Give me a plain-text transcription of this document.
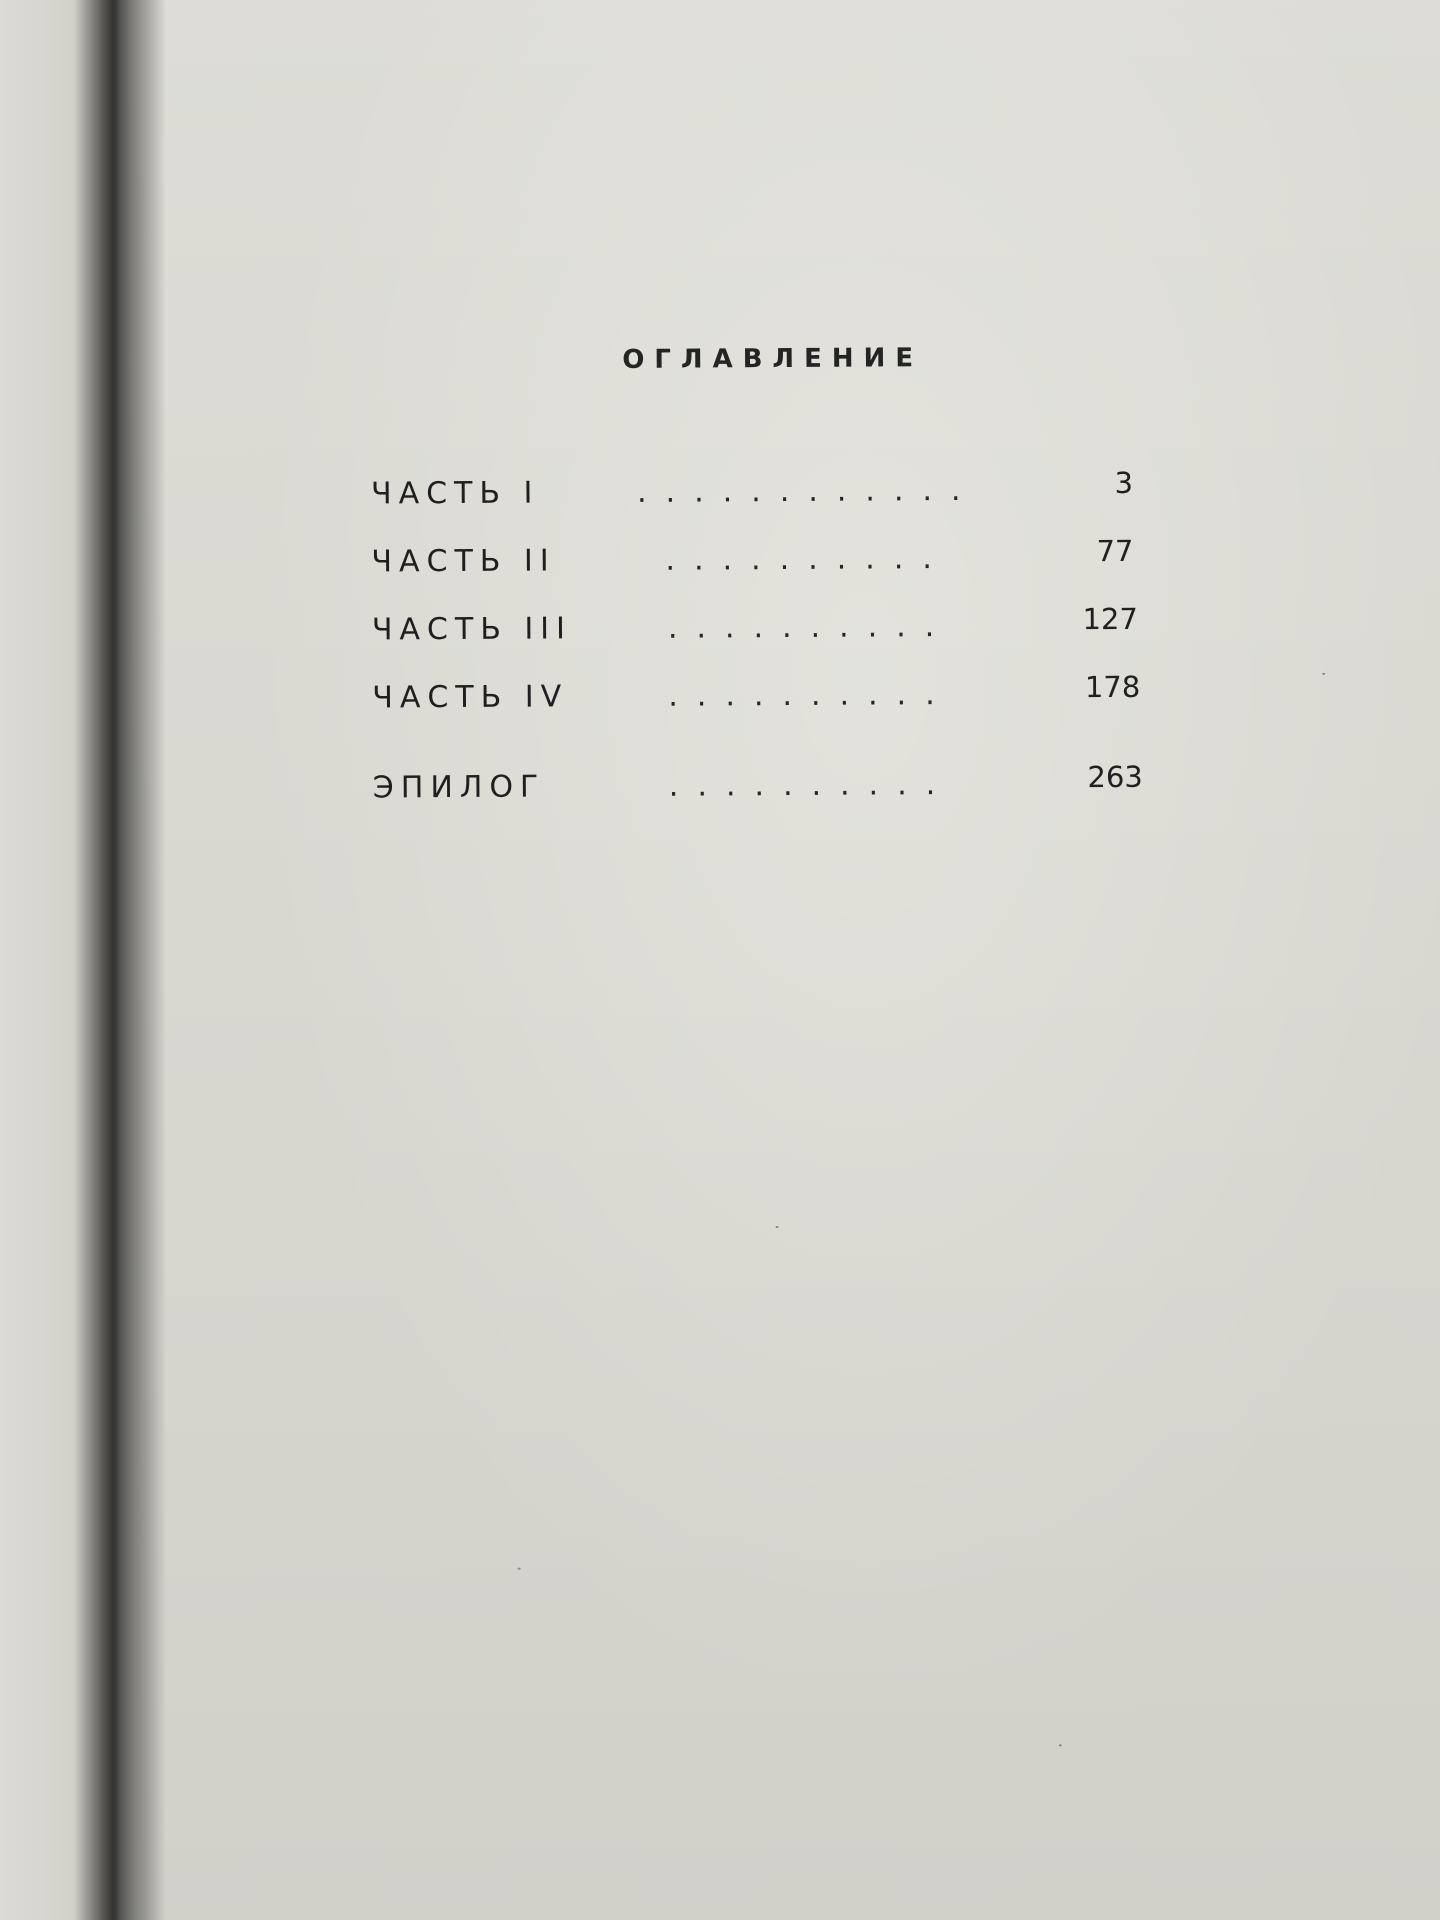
ОГЛАВЛЕНИЕ
ЧАСТЬ I	............	3
ЧАСТЬ II	..........	77
ЧАСТЬ III	..........	127
ЧАСТЬ IV	..........	178
ЭПИЛОГ	..........	263
